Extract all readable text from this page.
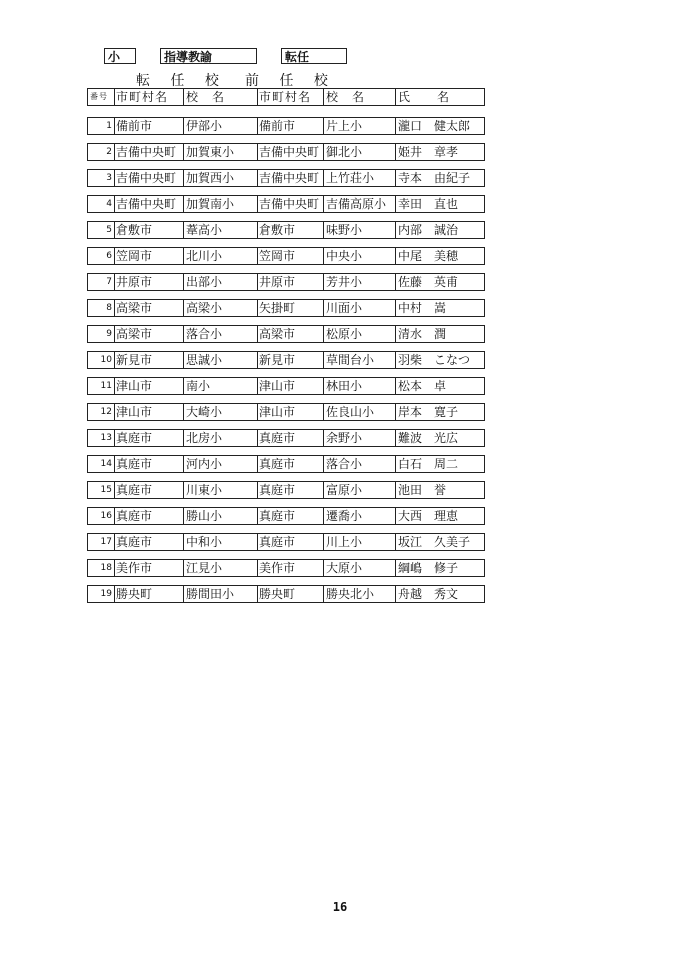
小	指導教諭	転任
転 任 校 前 任 校
番号 市町村名	校　名	市町村名	校　名	氏　　名
1 備前市	伊部小	備前市	片上小	瀧口　健太郎
2 吉備中央町 加賀東小	吉備中央町 御北小	姫井　章孝
3 吉備中央町 加賀西小	吉備中央町 上竹荘小	寺本　由紀子
4 吉備中央町 加賀南小	吉備中央町 吉備高原小 幸田　直也
5 倉敷市	葦高小	倉敷市	味野小	内部　誠治
6 笠岡市	北川小	笠岡市	中央小	中尾　美穂
7 井原市	出部小	井原市	芳井小	佐藤　英甫
8 高梁市	高梁小	矢掛町	川面小	中村　嵩
9 高梁市	落合小	高梁市	松原小	清水　潤
10 新見市	思誠小	新見市	草間台小	羽柴　こなつ
11 津山市	南小	津山市	林田小	松本　卓
12 津山市	大崎小	津山市	佐良山小	岸本　寛子
13 真庭市	北房小	真庭市	余野小	難波　光広
14 真庭市	河内小	真庭市	落合小	白石　周二
15 真庭市	川東小	真庭市	富原小	池田　誉
16 真庭市	勝山小	真庭市	遷喬小	大西　理恵
17 真庭市	中和小	真庭市	川上小	坂江　久美子
18 美作市	江見小	美作市	大原小	綱嶋　修子
19 勝央町	勝間田小	勝央町	勝央北小	舟越　秀文
16
